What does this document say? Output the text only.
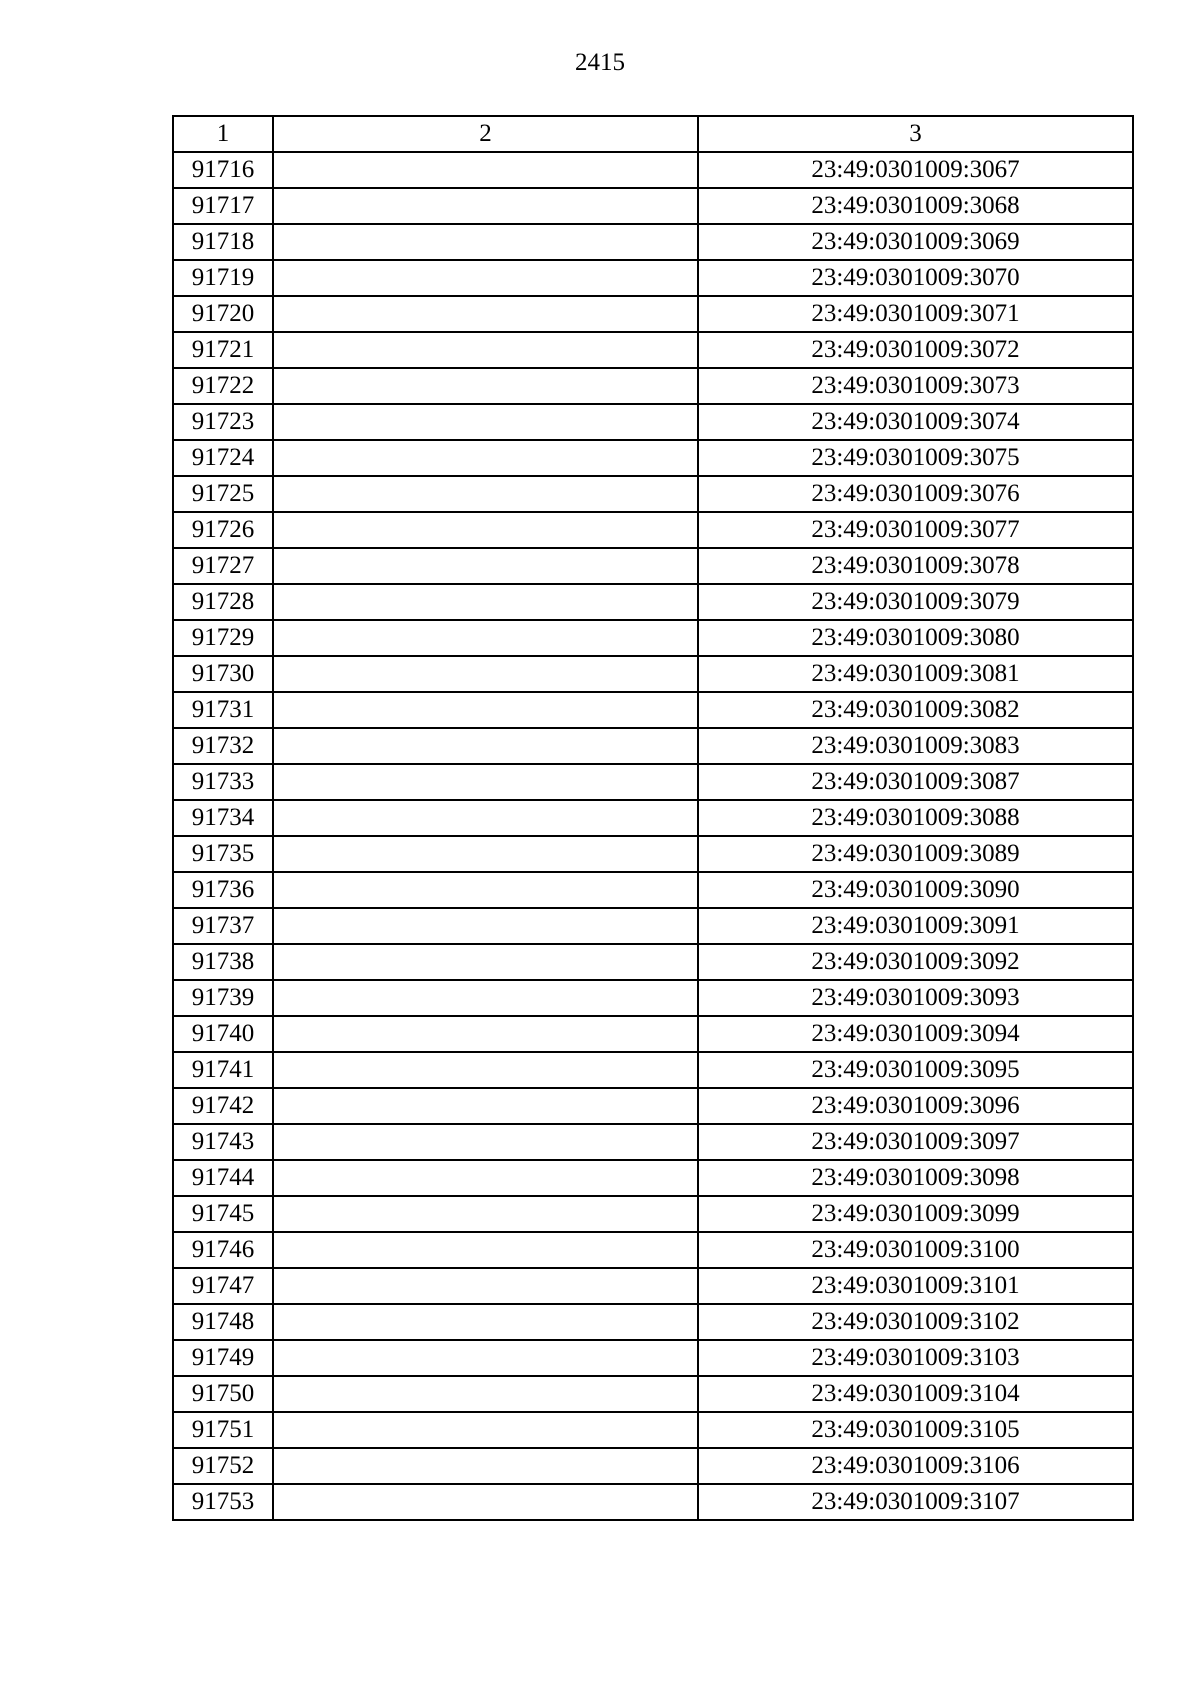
2415
1	2	3
91716		23:49:0301009:3067
91717		23:49:0301009:3068
91718		23:49:0301009:3069
91719		23:49:0301009:3070
91720		23:49:0301009:3071
91721		23:49:0301009:3072
91722		23:49:0301009:3073
91723		23:49:0301009:3074
91724		23:49:0301009:3075
91725		23:49:0301009:3076
91726		23:49:0301009:3077
91727		23:49:0301009:3078
91728		23:49:0301009:3079
91729		23:49:0301009:3080
91730		23:49:0301009:3081
91731		23:49:0301009:3082
91732		23:49:0301009:3083
91733		23:49:0301009:3087
91734		23:49:0301009:3088
91735		23:49:0301009:3089
91736		23:49:0301009:3090
91737		23:49:0301009:3091
91738		23:49:0301009:3092
91739		23:49:0301009:3093
91740		23:49:0301009:3094
91741		23:49:0301009:3095
91742		23:49:0301009:3096
91743		23:49:0301009:3097
91744		23:49:0301009:3098
91745		23:49:0301009:3099
91746		23:49:0301009:3100
91747		23:49:0301009:3101
91748		23:49:0301009:3102
91749		23:49:0301009:3103
91750		23:49:0301009:3104
91751		23:49:0301009:3105
91752		23:49:0301009:3106
91753		23:49:0301009:3107
